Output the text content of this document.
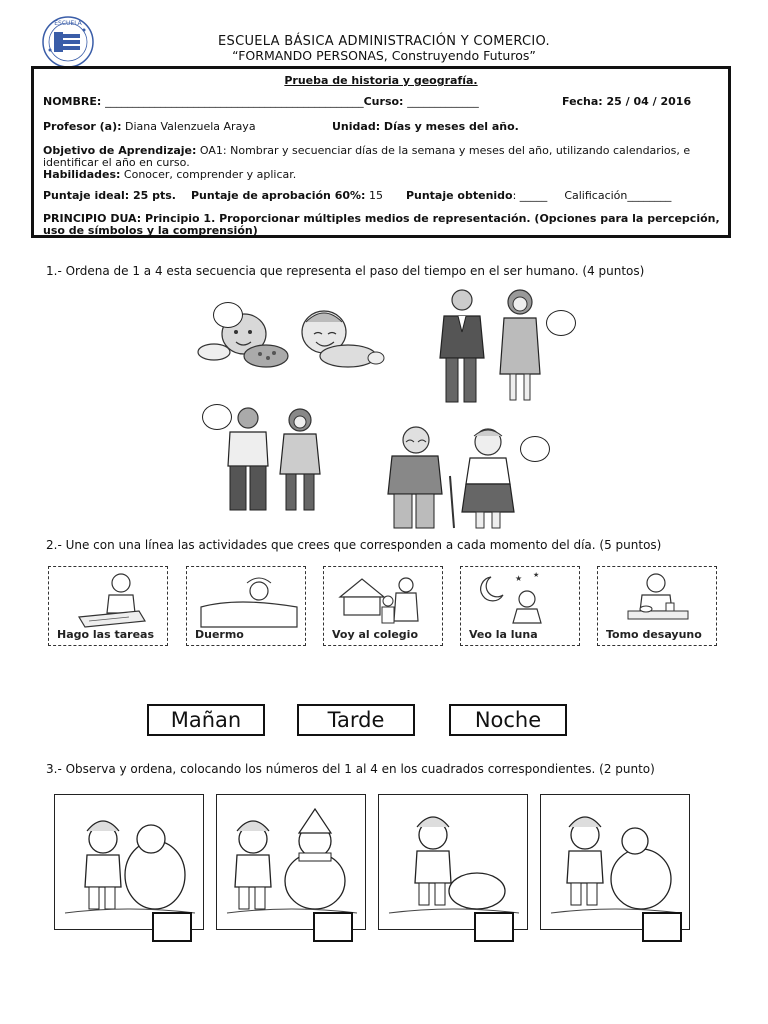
ESCUELA
ESCUELA BÁSICA ADMINISTRACIÓN Y COMERCIO.
“FORMANDO PERSONAS, Construyendo Futuros”
Prueba de historia y geografía.
NOMBRE: _______________________________________________Curso: _____________	Fecha: 25 / 04 / 2016
Profesor (a): Diana Valenzuela Araya	Unidad: Días y meses del año.
Objetivo de Aprendizaje: OA1: Nombrar y secuenciar días de la semana y meses del año, utilizando calendarios, e
identificar el año en curso.
Habilidades: Conocer, comprender y aplicar.
Puntaje ideal: 25 pts. Puntaje de aprobación 60%: 15 Puntaje obtenido: _____ Calificación________
PRINCIPIO DUA: Principio 1. Proporcionar múltiples medios de representación. (Opciones para la percepción,
uso de símbolos y la comprensión)
1.- Ordena de 1 a 4 esta secuencia que representa el paso del tiempo en el ser humano. (4 puntos)
2.- Une con una línea las actividades que crees que corresponden a cada momento del día. (5 puntos)
Hago las tareas	Duermo	Voy al colegio
★ ★
Veo la luna	Tomo desayuno
Mañan	Tarde	Noche
3.- Observa y ordena, colocando los números del 1 al 4 en los cuadrados correspondientes. (2 punto)
